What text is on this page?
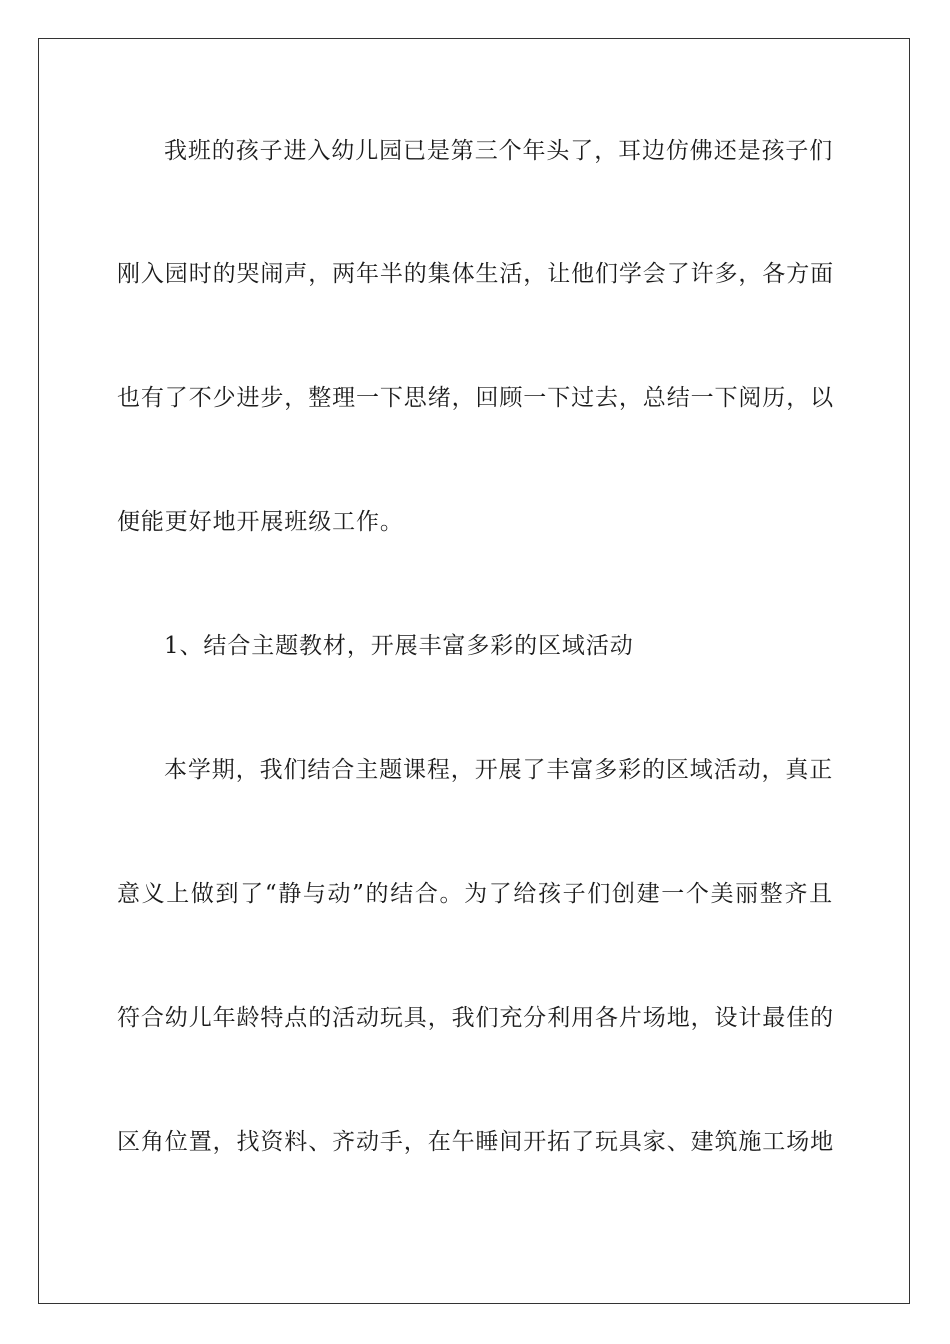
我班的孩子进入幼儿园已是第三个年头了，耳边仿佛还是孩子们
刚入园时的哭闹声，两年半的集体生活，让他们学会了许多，各方面
也有了不少进步，整理一下思绪，回顾一下过去，总结一下阅历，以
便能更好地开展班级工作。
1、结合主题教材，开展丰富多彩的区域活动
本学期，我们结合主题课程，开展了丰富多彩的区域活动，真正
意义上做到了“静与动”的结合。为了给孩子们创建一个美丽整齐且
符合幼儿年龄特点的活动玩具，我们充分利用各片场地，设计最佳的
区角位置，找资料、齐动手，在午睡间开拓了玩具家、建筑施工场地
